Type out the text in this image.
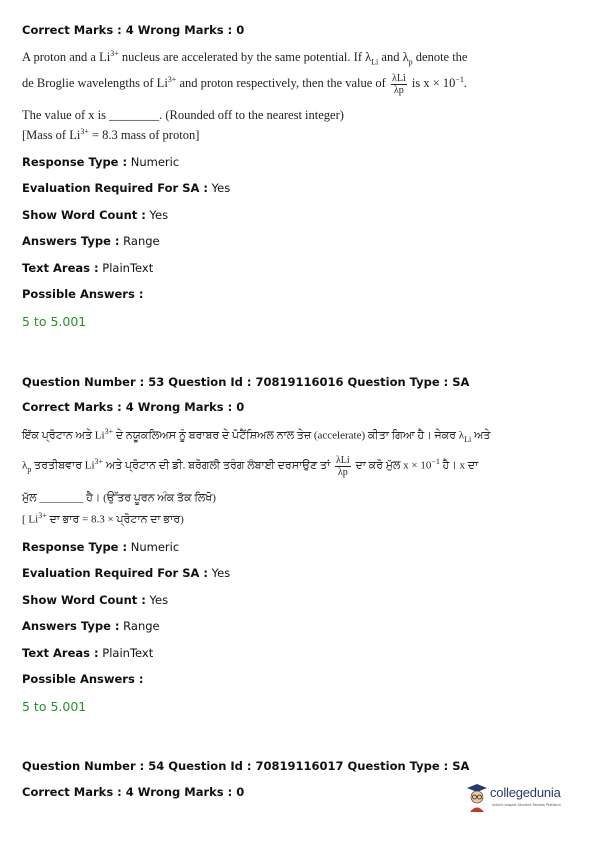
Correct Marks : 4 Wrong Marks : 0
A proton and a $Li^{3+}$ nucleus are accelerated by the same potential. If $\lambda_{Li}$ and $\lambda_p$ denote the
de Broglie wavelengths of $Li^{3+}$ and proton respectively, then the value of $\frac{\text{λLi}}{\lambda p}$ is $x \times 10^{-1}$.
The value of x is ________. (Rounded off to the nearest integer)
[Mass of $Li^{3+} = 8.3$ mass of proton]
Response Type : Numeric
Evaluation Required For SA : Yes
Show Word Count : Yes
Answers Type : Range
Text Areas : PlainText
Possible Answers :
5 to 5.001
Question Number : 53 Question Id : 70819116016 Question Type : SA
Correct Marks : 4 Wrong Marks : 0
ਇੱਕ ਪ੍ਰੋਟਾਨ ਅਤੇ $Li^{3+}$ ਦੇ ਨਯੂਕਲਿਅਸ ਨੂੰ ਬਰਾਬਰ ਦੇ ਪੋਟੈਂਸ਼ਿਅਲ ਨਾਲ ਤੇਜ਼ (accelerate) ਕੀਤਾ ਗਿਆ ਹੈ। ਜੇਕਰ $\lambda_{Li}$ ਅਤੇ
$\lambda_p$ ਤਰਤੀਬਵਾਰ $Li^{3+}$ ਅਤੇ ਪ੍ਰੋਟਾਨ ਦੀ ਡੀ. ਬਰੋਗਲੀ ਤਰੰਗ ਲੰਬਾਈ ਦਰਸਾਉਣ ਤਾਂ $\frac{\text{λLi}}{\lambda p}$ ਦਾ ਕਰੋ ਮੁੱਲ $x \times 10^{-1}$ ਹੈ। x ਦਾ
ਮੁੱਲ ________ ਹੈ। (ਉੱਤਰ ਪੂਰਨ ਅੰਕ ਤੱਕ ਲਿਖੋ)
[ $Li^{3+}$ ਦਾ ਭਾਰ = 8.3 × ਪ੍ਰੋਟਾਨ ਦਾ ਭਾਰ)
Response Type : Numeric
Evaluation Required For SA : Yes
Show Word Count : Yes
Answers Type : Range
Text Areas : PlainText
Possible Answers :
5 to 5.001
Question Number : 54 Question Id : 70819116017 Question Type : SA
Correct Marks : 4 Wrong Marks : 0	collegedunia
India's largest Student Review Platform
